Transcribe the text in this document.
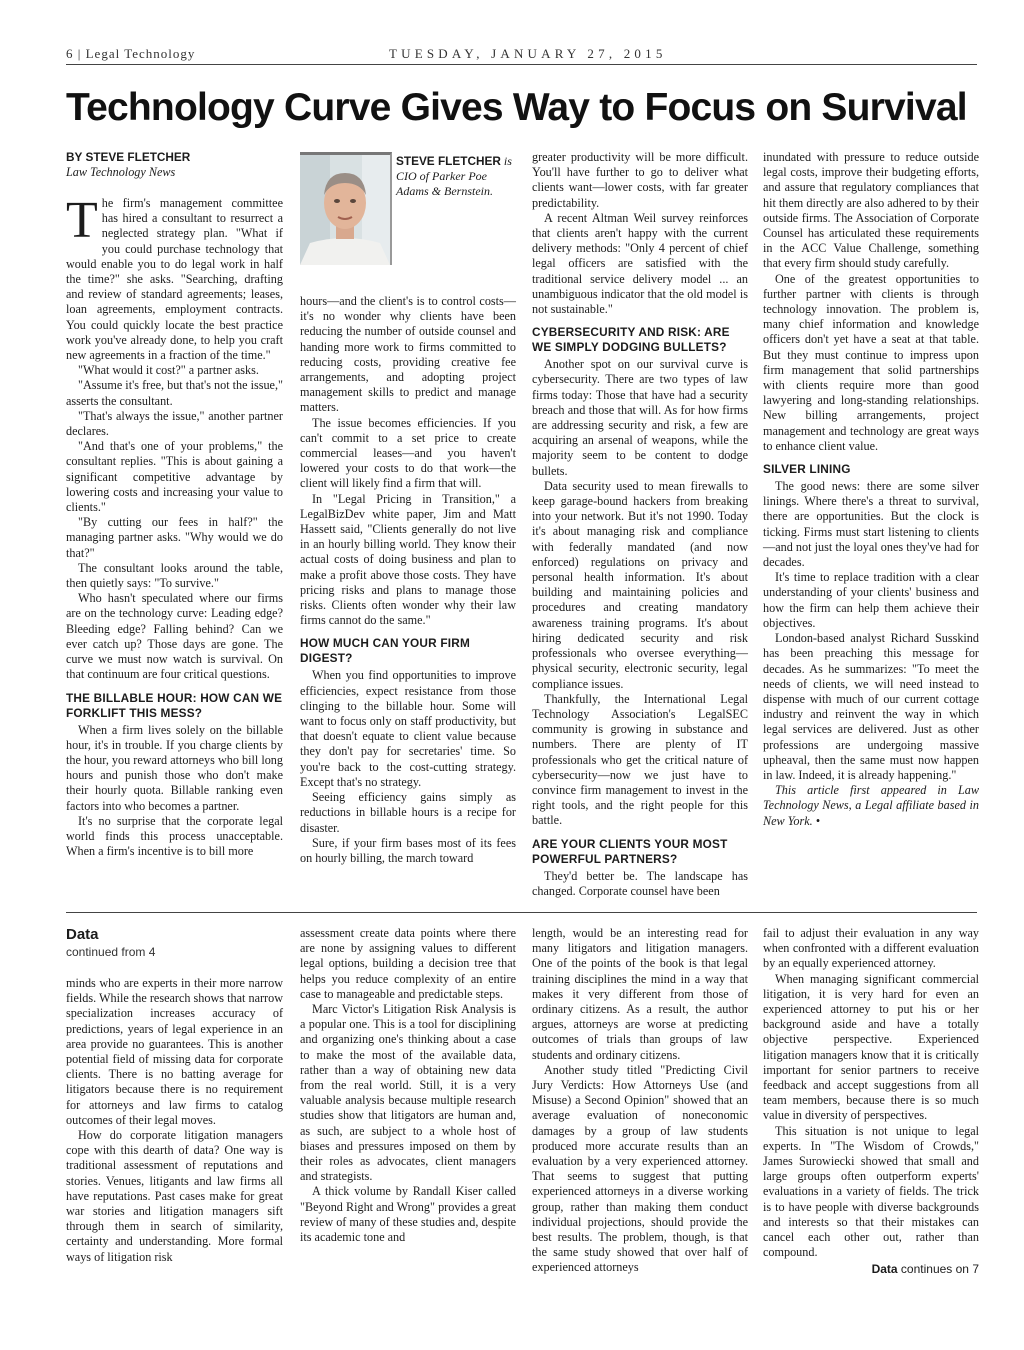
6 | Legal Technology	TUESDAY, JANUARY 27, 2015
Technology Curve Gives Way to Focus on Survival
BY STEVE FLETCHER
Law Technology News
T he firm's management committee has hired a consultant to resurrect a neglected strategy plan. "What if you could purchase technology that would enable you to do legal work in half the time?" she asks. "Searching, drafting and review of standard agreements; leases, loan agreements, employment contracts. You could quickly locate the best practice work you've already done, to help you craft new agreements in a fraction of the time."

"What would it cost?" a partner asks.

"Assume it's free, but that's not the issue," asserts the consultant.

"That's always the issue," another partner declares.

"And that's one of your problems," the consultant replies. "This is about gaining a significant competitive advantage by lowering costs and increasing your value to clients."

"By cutting our fees in half?" the managing partner asks. "Why would we do that?"

The consultant looks around the table, then quietly says: "To survive."

Who hasn't speculated where our firms are on the technology curve: Leading edge? Bleeding edge? Falling behind? Can we ever catch up? Those days are gone. The curve we must now watch is survival. On that continuum are four critical questions.

THE BILLABLE HOUR: HOW CAN WE FORKLIFT THIS MESS?

When a firm lives solely on the billable hour, it's in trouble. If you charge clients by the hour, you reward attorneys who bill long hours and punish those who don't make their hourly quota. Billable ranking even factors into who becomes a partner.

It's no surprise that the corporate legal world finds this process unacceptable. When a firm's incentive is to bill more

STEVE FLETCHER is CIO of Parker Poe Adams & Bernstein.

hours—and the client's is to control costs—it's no wonder why clients have been reducing the number of outside counsel and handing more work to firms committed to reducing costs, providing creative fee arrangements, and adopting project management skills to predict and manage matters.

The issue becomes efficiencies. If you can't commit to a set price to create commercial leases—and you haven't lowered your costs to do that work—the client will likely find a firm that will.

In "Legal Pricing in Transition," a LegalBizDev white paper, Jim and Matt Hassett said, "Clients generally do not live in an hourly billing world. They know their actual costs of doing business and plan to make a profit above those costs. They have pricing risks and plans to manage those risks. Clients often wonder why their law firms cannot do the same."

HOW MUCH CAN YOUR FIRM DIGEST?

When you find opportunities to improve efficiencies, expect resistance from those clinging to the billable hour. Some will want to focus only on staff productivity, but that doesn't equate to client value because they don't pay for secretaries' time. So you're back to the cost-cutting strategy. Except that's no strategy.

Seeing efficiency gains simply as reductions in billable hours is a recipe for disaster.

Sure, if your firm bases most of its fees on hourly billing, the march toward

greater productivity will be more difficult. You'll have further to go to deliver what clients want—lower costs, with far greater predictability.

A recent Altman Weil survey reinforces that clients aren't happy with the current delivery methods: "Only 4 percent of chief legal officers are satisfied with the traditional service delivery model ... an unambiguous indicator that the old model is not sustainable."

CYBERSECURITY AND RISK: ARE WE SIMPLY DODGING BULLETS?

Another spot on our survival curve is cybersecurity. There are two types of law firms today: Those that have had a security breach and those that will. As for how firms are addressing security and risk, a few are acquiring an arsenal of weapons, while the majority seem to be content to dodge bullets.

Data security used to mean firewalls to keep garage-bound hackers from breaking into your network. But it's not 1990. Today it's about managing risk and compliance with federally mandated (and now enforced) regulations on privacy and personal health information. It's about building and maintaining policies and procedures and creating mandatory awareness training programs. It's about hiring dedicated security and risk professionals who oversee everything—physical security, electronic security, legal compliance issues.

Thankfully, the International Legal Technology Association's LegalSEC community is growing in substance and numbers. There are plenty of IT professionals who get the critical nature of cybersecurity—now we just have to convince firm management to invest in the right tools, and the right people for this battle.

ARE YOUR CLIENTS YOUR MOST POWERFUL PARTNERS?

They'd better be. The landscape has changed. Corporate counsel have been

inundated with pressure to reduce outside legal costs, improve their budgeting efforts, and assure that regulatory compliances that hit them directly are also adhered to by their outside firms. The Association of Corporate Counsel has articulated these requirements in the ACC Value Challenge, something that every firm should study carefully.

One of the greatest opportunities to further partner with clients is through technology innovation. The problem is, many chief information and knowledge officers don't yet have a seat at that table. But they must continue to impress upon firm management that solid partnerships with clients require more than good lawyering and long-standing relationships. New billing arrangements, project management and technology are great ways to enhance client value.

SILVER LINING

The good news: there are some silver linings. Where there's a threat to survival, there are opportunities. But the clock is ticking. Firms must start listening to clients—and not just the loyal ones they've had for decades.

It's time to replace tradition with a clear understanding of your clients' business and how the firm can help them achieve their objectives.

London-based analyst Richard Susskind has been preaching this message for decades. As he summarizes: "To meet the needs of clients, we will need instead to dispense with much of our current cottage industry and reinvent the way in which legal services are delivered. Just as other professions are undergoing massive upheaval, then the same must now happen in law. Indeed, it is already happening."

This article first appeared in Law Technology News, a Legal affiliate based in New York. •

Data
continued from 4

minds who are experts in their more narrow fields. While the research shows that narrow specialization increases accuracy of predictions, years of legal experience in an area provide no guarantees. This is another potential field of missing data for corporate clients. There is no batting average for litigators because there is no requirement for attorneys and law firms to catalog outcomes of their legal moves.

How do corporate litigation managers cope with this dearth of data? One way is traditional assessment of reputations and stories. Venues, litigants and law firms all have reputations. Past cases make for great war stories and litigation managers sift through them in search of similarity, certainty and understanding. More formal ways of litigation risk

assessment create data points where there are none by assigning values to different legal options, building a decision tree that helps you reduce complexity of an entire case to manageable and predictable steps.

Marc Victor's Litigation Risk Analysis is a popular one. This is a tool for disciplining and organizing one's thinking about a case to make the most of the available data, rather than a way of obtaining new data from the real world. Still, it is a very valuable analysis because multiple research studies show that litigators are human and, as such, are subject to a whole host of biases and pressures imposed on them by their roles as advocates, client managers and strategists.

A thick volume by Randall Kiser called "Beyond Right and Wrong" provides a great review of many of these studies and, despite its academic tone and

length, would be an interesting read for many litigators and litigation managers. One of the points of the book is that legal training disciplines the mind in a way that makes it very different from those of ordinary citizens. As a result, the author argues, attorneys are worse at predicting outcomes of trials than groups of law students and ordinary citizens.

Another study titled "Predicting Civil Jury Verdicts: How Attorneys Use (and Misuse) a Second Opinion" showed that an average evaluation of noneconomic damages by a group of law students produced more accurate results than an evaluation by a very experienced attorney. That seems to suggest that putting experienced attorneys in a diverse working group, rather than making them conduct individual projections, should provide the best results. The problem, though, is that the same study showed that over half of experienced attorneys

fail to adjust their evaluation in any way when confronted with a different evaluation by an equally experienced attorney.

When managing significant commercial litigation, it is very hard for even an experienced attorney to put his or her background aside and have a totally objective perspective. Experienced litigation managers know that it is critically important for senior partners to receive feedback and accept suggestions from all team members, because there is so much value in diversity of perspectives.

This situation is not unique to legal experts. In "The Wisdom of Crowds," James Surowiecki showed that small and large groups often outperform experts' evaluations in a variety of fields. The trick is to have people with diverse backgrounds and interests so that their mistakes can cancel each other out, rather than compound.

Data continues on 7
